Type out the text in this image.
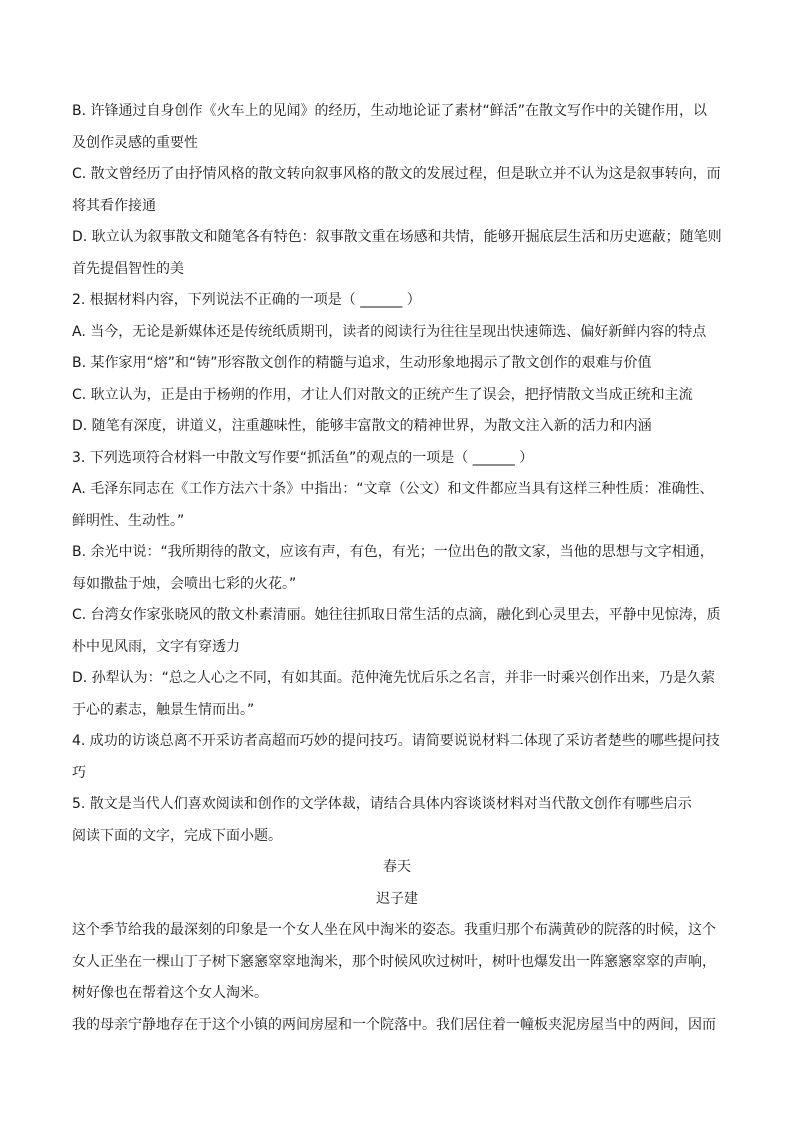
B. 许锋通过自身创作《火车上的见闻》的经历，生动地论证了素材“鲜活”在散文写作中的关键作用，以
及创作灵感的重要性
C. 散文曾经历了由抒情风格的散文转向叙事风格的散文的发展过程，但是耿立并不认为这是叙事转向，而
将其看作接通
D. 耿立认为叙事散文和随笔各有特色：叙事散文重在场感和共情，能够开掘底层生活和历史遮蔽；随笔则
首先提倡智性的美
2. 根据材料内容，下列说法不正确的一项是（ ______ ）
A. 当今，无论是新媒体还是传统纸质期刊，读者的阅读行为往往呈现出快速筛选、偏好新鲜内容的特点
B. 某作家用“熔”和“铸”形容散文创作的精髓与追求，生动形象地揭示了散文创作的艰难与价值
C. 耿立认为，正是由于杨朔的作用，才让人们对散文的正统产生了误会，把抒情散文当成正统和主流
D. 随笔有深度，讲道义，注重趣味性，能够丰富散文的精神世界，为散文注入新的活力和内涵
3. 下列选项符合材料一中散文写作要“抓活鱼”的观点的一项是（ ______ ）
A. 毛泽东同志在《工作方法六十条》中指出：“文章（公文）和文件都应当具有这样三种性质：准确性、
鲜明性、生动性。”
B. 余光中说：“我所期待的散文，应该有声，有色，有光；一位出色的散文家，当他的思想与文字相通，
每如撒盐于烛，会喷出七彩的火花。”
C. 台湾女作家张晓风的散文朴素清丽。她往往抓取日常生活的点滴，融化到心灵里去，平静中见惊涛，质
朴中见风雨，文字有穿透力
D. 孙犁认为：“总之人心之不同，有如其面。范仲淹先忧后乐之名言，并非一时乘兴创作出来，乃是久萦
于心的素志，触景生情而出。”
4. 成功的访谈总离不开采访者高超而巧妙的提问技巧。请简要说说材料二体现了采访者楚些的哪些提问技
巧
5. 散文是当代人们喜欢阅读和创作的文学体裁，请结合具体内容谈谈材料对当代散文创作有哪些启示
阅读下面的文字，完成下面小题。
春天
迟子建
这个季节给我的最深刻的印象是一个女人坐在风中淘米的姿态。我重归那个布满黄砂的院落的时候，这个
女人正坐在一棵山丁子树下窸窸窣窣地淘米，那个时候风吹过树叶，树叶也爆发出一阵窸窸窣窣的声响，
树好像也在帮着这个女人淘米。
我的母亲宁静地存在于这个小镇的两间房屋和一个院落中。我们居住着一幢板夹泥房屋当中的两间，因而
